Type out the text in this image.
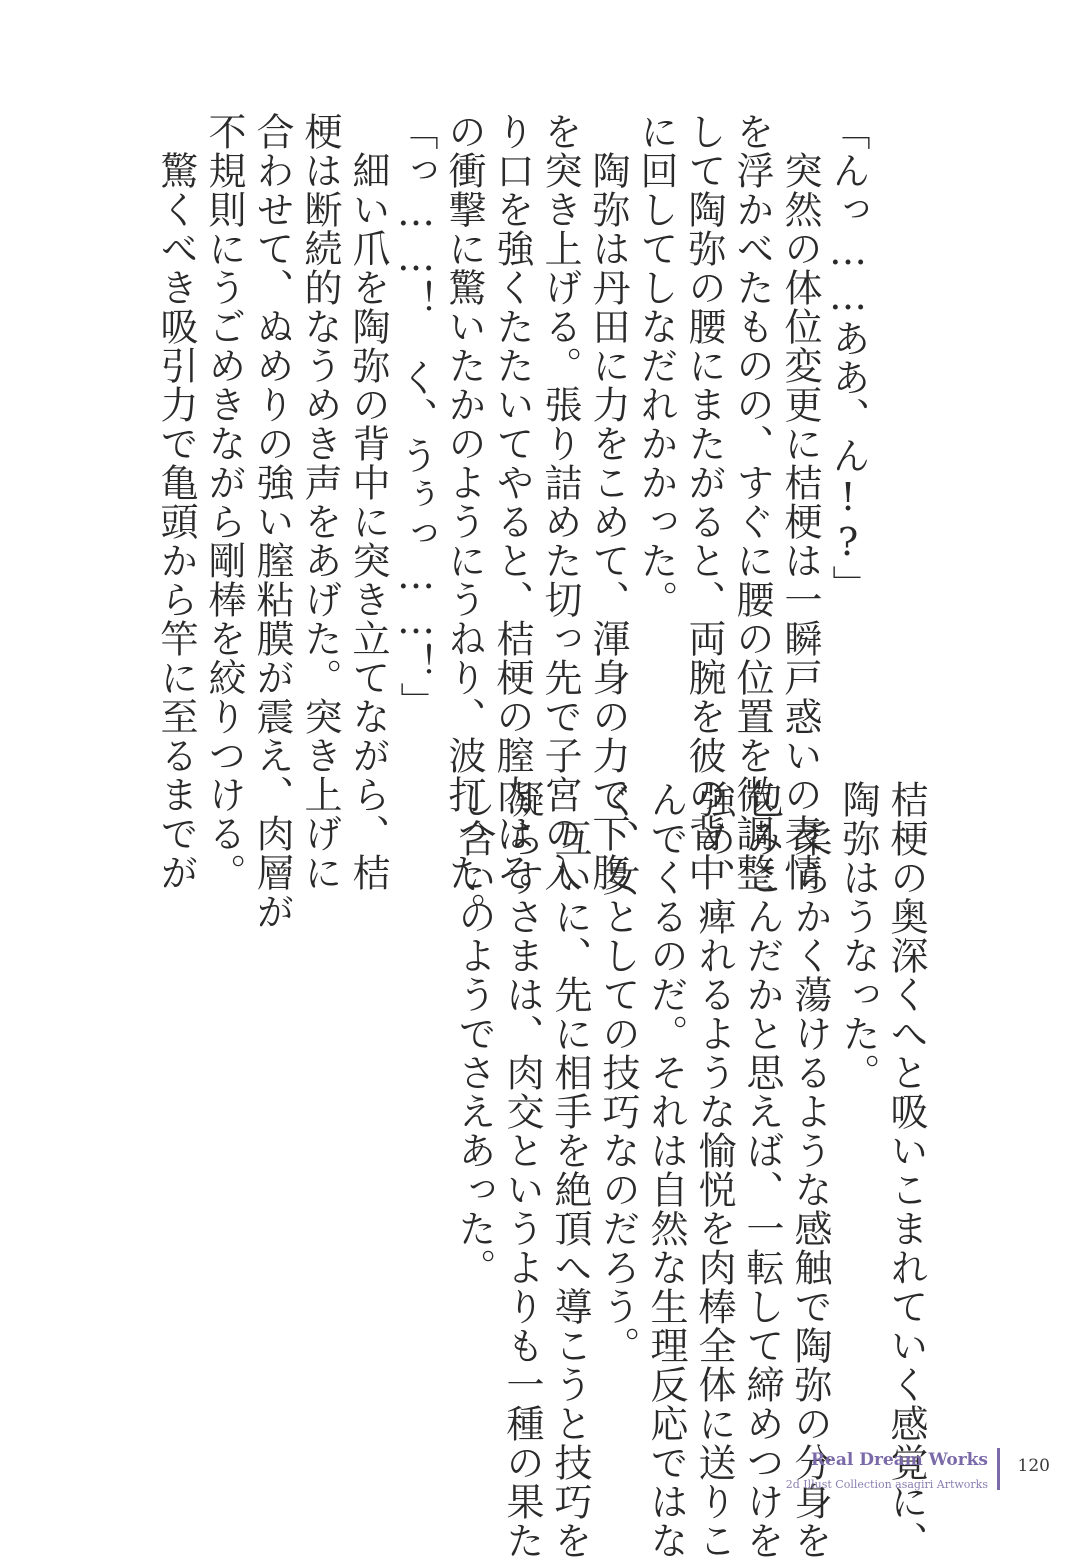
「んっ……ああ、ん!?」
　突然の体位変更に桔梗は一瞬戸惑いの表情
を浮かべたものの、すぐに腰の位置を微調整
して陶弥の腰にまたがると、両腕を彼の背中
に回してしなだれかかった。
　陶弥は丹田に力をこめて、渾身の力で下腹
を突き上げる。張り詰めた切っ先で子宮の入
り口を強くたたいてやると、桔梗の膣内はそ
の衝撃に驚いたかのようにうねり、波打った。
「っ……！　く、うぅっ……！」
　細い爪を陶弥の背中に突き立てながら、桔
梗は断続的なうめき声をあげた。突き上げに
合わせて、ぬめりの強い膣粘膜が震え、肉層が
不規則にうごめきながら剛棒を絞りつける。
　驚くべき吸引力で亀頭から竿に至るまでが
桔梗の奥深くへと吸いこまれていく感覚に、
陶弥はうなった。
　柔らかく蕩けるような感触で陶弥の分身を
包みこんだかと思えば、一転して締めつけを
強め、痺れるような愉悦を肉棒全体に送りこ
んでくるのだ。それは自然な生理反応ではな
く、女としての技巧なのだろう。
　互いに、先に相手を絶頂へ導こうと技巧を
凝らすさまは、肉交というよりも一種の果た
し合いのようでさえあった。
Real Dream Works
2d Illust Collection asagiri Artworks
120
